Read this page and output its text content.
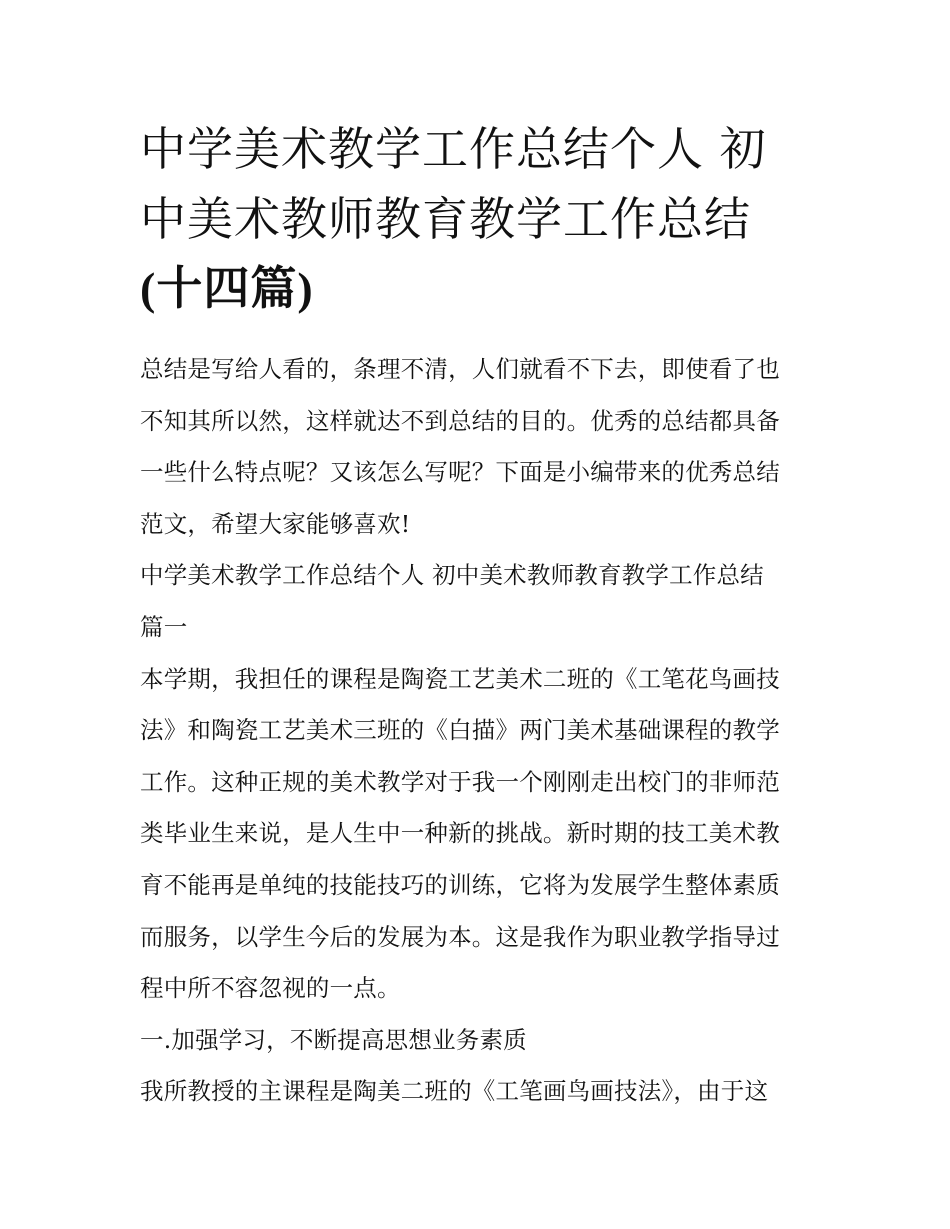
中学美术教学工作总结个人 初
中美术教师教育教学工作总结
(十四篇)
总结是写给人看的，条理不清，人们就看不下去，即使看了也
不知其所以然，这样就达不到总结的目的。优秀的总结都具备
一些什么特点呢？又该怎么写呢？下面是小编带来的优秀总结
范文，希望大家能够喜欢!
中学美术教学工作总结个人 初中美术教师教育教学工作总结
篇一
本学期，我担任的课程是陶瓷工艺美术二班的《工笔花鸟画技
法》和陶瓷工艺美术三班的《白描》两门美术基础课程的教学
工作。这种正规的美术教学对于我一个刚刚走出校门的非师范
类毕业生来说，是人生中一种新的挑战。新时期的技工美术教
育不能再是单纯的技能技巧的训练，它将为发展学生整体素质
而服务，以学生今后的发展为本。这是我作为职业教学指导过
程中所不容忽视的一点。
一.加强学习，不断提高思想业务素质
我所教授的主课程是陶美二班的《工笔画鸟画技法》，由于这
